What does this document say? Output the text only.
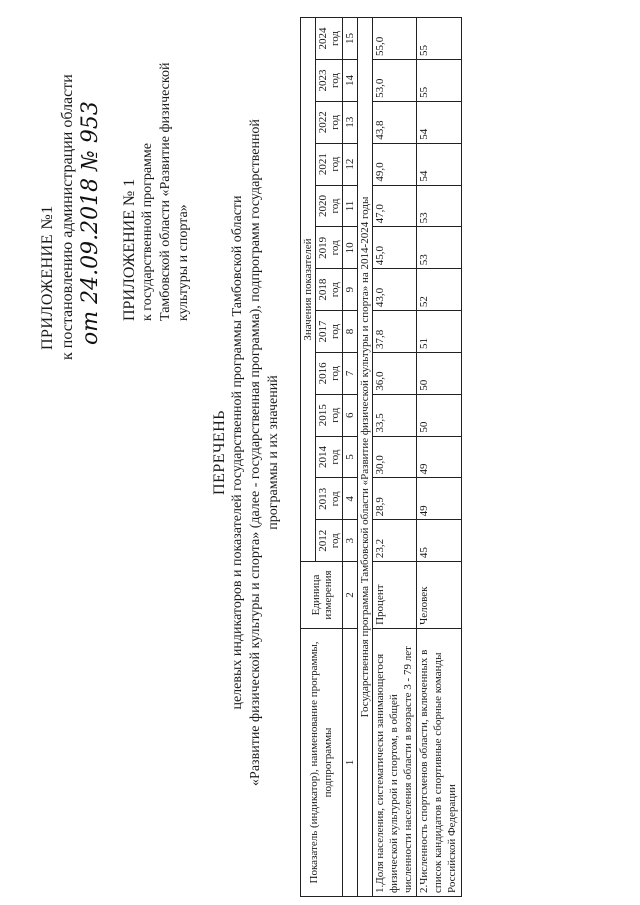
ПРИЛОЖЕНИЕ №1 к постановлению администрации области от 24.09.2018 № 953 ПРИЛОЖЕНИЕ № 1 к государственной программе Тамбовской области «Развитие физической культуры и спорта»
ПЕРЕЧЕНЬ целевых индикаторов и показателей государственной программы Тамбовской области «Развитие физической культуры и спорта» (далее - государственная программа), подпрограмм государственной программы и их значений
Показатель (индикатор), наименование программы, подпрограммы	Единица измерения	Значения показателей												
		2012 год	2013 год	2014 год	2015 год	2016 год	2017 год	2018 год	2019 год	2020 год	2021 год	2022 год	2023 год	2024 год
1	2	3	4	5	6	7	8	9	10	11	12	13	14	15
Государственная программа Тамбовской области «Развитие физической культуры и спорта» на 2014-2024 годы														
1.Доля населения, систематически занимающегося физической культурой и спортом, в общей численности населения области в возрасте 3 - 79 лет	Процент	23,2	28,9	30,0	33,5	36,0	37,8	43,0	45,0	47,0	49,0	43,8	53,0	55,0
2.Численность спортсменов области, включенных в список кандидатов в спортивные сборные команды Российской Федерации	Человек	45	49	49	50	50	51	52	53	53	54	54	55	55
